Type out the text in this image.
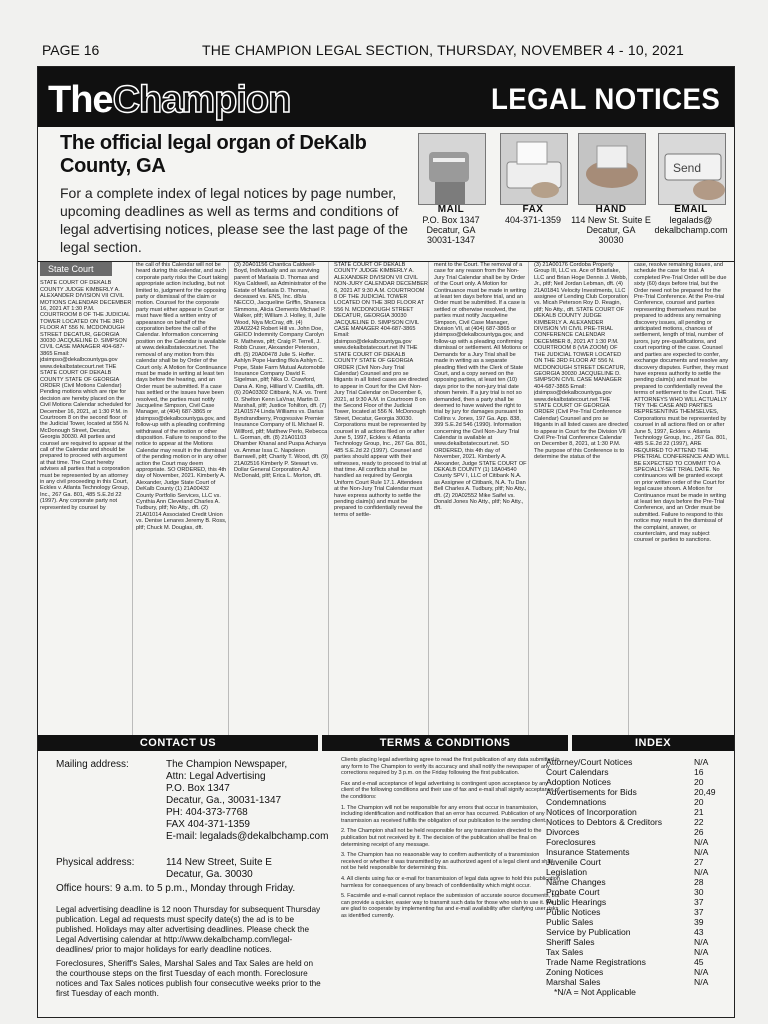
PAGE 16	THE CHAMPION LEGAL SECTION, THURSDAY, NOVEMBER 4 - 10, 2021
TheChampion	LEGAL NOTICES
The official legal organ of DeKalb County, GA

For a complete index of legal notices by page number, upcoming deadlines as well as terms and conditions of legal advertising notices, please see the last page of the legal section.

Send
MAIL
P.O. Box 1347
Decatur, GA
30031-1347
FAX
404-371-1359
HAND
114 New St. Suite E
Decatur, GA
30030
EMAIL
legalads@
dekalbchamp.com
State Court

STATE COURT OF DEKALB COUNTY JUDGE KIMBERLY A. ALEXANDER DIVISION VII CIVIL MOTIONS CALENDAR DECEMBER 16, 2021 AT 1:30 P.M. COURTROOM 8 OF THE JUDICIAL TOWER LOCATED ON THE 3RD FLOOR AT 556 N. MCDONOUGH STREET DECATUR, GEORGIA 30030 JACQUELINE D. SIMPSON CIVIL CASE MANAGER 404-687-3865 Email: jdsimpso@dekalbcountyga.gov www.dekalbstatecourt.net THE STATE COURT OF DEKALB COUNTY STATE OF GEORGIA ORDER (Civil Motions Calendar) Pending motions which are ripe for decision are hereby placed on the Civil Motions Calendar scheduled for December 16, 2021, at 1:30 P.M. in Courtroom 8 on the second floor of the Judicial Tower, located at 556 N. McDonough Street, Decatur, Georgia 30030. All parties and counsel are required to appear at the call of the Calendar and should be prepared to proceed with argument at that time. The Court hereby advises all parties that a corporation must be represented by an attorney in any civil proceeding in this Court, Eckles v. Atlanta Technology Group, Inc., 267 Ga. 801, 485 S.E.2d 22 (1997). Any corporate party not represented by counsel by

the call of this Calendar will not be heard during this calendar, and such corporate party risks the Court taking appropriate action including, but not limited to, judgment for the opposing party or dismissal of the claim or motion. Counsel for the corporate party must either appear in Court or must have filed a written entry of appearance on behalf of the corporation before the call of the Calendar. Information concerning position on the Calendar is available at www.dekalbstatecourt.net. The removal of any motion from this calendar shall be by Order of the Court only. A Motion for Continuance must be made in writing at least ten days before the hearing, and an Order must be submitted. If a case has settled or the issues have been resolved, the parties must notify Jacqueline Simpson, Civil Case Manager, at (404) 687-3865 or jdsimpso@dekalbcountyga.gov, and follow-up with a pleading confirming withdrawal of the motion or other disposition. Failure to respond to the notice to appear at the Motions Calendar may result in the dismissal of the pending motion or in any other action the Court may deem appropriate. SO ORDERED, this 4th day of November, 2021. Kimberly A. Alexander, Judge State Court of DeKalb County (1) 21A00432 County Portfolio Services, LLC vs. Cynthia Ann Cleveland Charles A. Tudbury, pltf; No Atty., dft. (2) 21A01014 Associated Credit Union vs. Denise Lenares Jeremy B. Ross, pltf; Chuck M. Douglas, dft.

(3) 20A01156 Chantica Caldwell-Boyd, Individually and as surviving parent of Marlasia D. Thomas and Kiya Caldwell, as Administrator of the Estate of Marlasia D. Thomas, deceased vs. ENS, Inc. d/b/a NECCO, Jacqueline Griffin, Shaneca Simmons, Alicia Clements Michael P. Walker, pltf; William J. Holley, II, Julie Wood, Niya McCray, dft. (4) 20A02242 Robert Hill vs. John Doe, GEICO Indemnity Company Carolyn R. Mathews, pltf; Craig P. Terrell, J. Robb Cruser, Alexander Peterson, dft. (5) 20A00478 Julie S. Hoffer. Ashlyn Pope Harding f/k/a Ashlyn C. Pope, State Farm Mutual Automobile Insurance Company David F. Sigelman, pltf; Nika O. Crawford, Dana A. King, Hilliard V. Castilla, dft. (6) 20A03302 Citibank, N.A. vs. Trent D. Shelton Kenn LaVnar, Martin D. Marshall, pltf; Justice Tohilton, dft. (7) 21A01574 Linda Williams vs. Darius Byndrandberry, Progressive Premier Insurance Company of IL Michael R. Willford, pltf; Matthew Perlo, Rebecca L. Gorman, dft. (8) 21A01103 Dhamber Khanal and Puspa Acharya vs. Ammar Issa C. Napoleon Barnwell, pltf; Charity T. Wood, dft. (9) 21A02516 Kimberly P. Stewart vs. Dollar General Corporation AJ McDonald, pltf; Erica L. Morton, dft.

STATE COURT OF DEKALB COUNTY JUDGE KIMBERLY A. ALEXANDER DIVISION VII CIVIL NON-JURY CALENDAR DECEMBER 6, 2021 AT 9:30 A.M. COURTROOM 8 OF THE JUDICIAL TOWER LOCATED ON THE 3RD FLOOR AT 556 N. MCDONOUGH STREET DECATUR, GEORGIA 30030 JACQUELINE D. SIMPSON CIVIL CASE MANAGER 404-687-3865 Email: jdsimpso@dekalbcountyga.gov www.dekalbstatecourt.net IN THE STATE COURT OF DEKALB COUNTY STATE OF GEORGIA ORDER (Civil Non-Jury Trial Calendar) Counsel and pro se litigants in all listed cases are directed to appear in Court for the Civil Non-Jury Trial Calendar on December 6, 2021, at 9:30 A.M. in Courtroom 8 on the Second Floor of the Judicial Tower, located at 556 N. McDonough Street, Decatur, Georgia 30030. Corporations must be represented by counsel in all actions filed on or after June 5, 1997, Eckles v. Atlanta Technology Group, Inc., 267 Ga. 801, 485 S.E.2d 22 (1997). Counsel and parties should appear with their witnesses, ready to proceed to trial at that time. All conflicts shall be handled as required by Georgia Uniform Court Rule 17.1. Attendees at the Non-Jury Trial Calendar must have express authority to settle the pending claim(s) and must be prepared to confidentially reveal the terms of settle-

ment to the Court. The removal of a case for any reason from the Non-Jury Trial Calendar shall be by Order of the Court only. A Motion for Continuance must be made in writing at least ten days before trial, and an Order must be submitted. If a case is settled or otherwise resolved, the parties must notify Jacqueline Simpson, Civil Case Manager, Division VII, at (404) 687-3865 or jdsimpso@dekalbcountyga.gov, and follow-up with a pleading confirming dismissal or settlement. All Motions or Demands for a Jury Trial shall be made in writing as a separate pleading filed with the Clerk of State Court, and a copy served on the opposing parties, at least ten (10) days prior to the non-jury trial date shown herein. If a jury trial is not so demanded, then a party shall be deemed to have waived the right to trial by jury for damages pursuant to Collins v. Jones, 197 Ga. App. 838, 399 S.E.2d 546 (1990). Information concerning the Civil Non-Jury Trial Calendar is available at www.dekalbstatecourt.net. SO ORDERED, this 4th day of November, 2021. Kimberly A. Alexander, Judge STATE COURT OF DEKALB COUNTY (1) 18A04540 County SPV I, LLC of Citibank N.A. as Assignee of Citibank, N.A. Tu Dan Bell Charles A. Tudbury, pltf; No Atty., dft. (2) 20A02552 Mike Saifel vs. Donald Jones No Atty., pltf; No Atty., dft.

(3) 21A00176 Cordoba Property Group III, LLC vs. Ace of Briarlake, LLC and Brian Hoge Dennis J. Webb, Jr., pltf; Neil Jordan Lebman, dft. (4) 21A01841 Velocity Investments, LLC assignee of Lending Club Corporation vs. Micah Peterson Roy D. Reagin, pltf; No Atty., dft. STATE COURT OF DEKALB COUNTY JUDGE KIMBERLY A. ALEXANDER DIVISION VII CIVIL PRE-TRIAL CONFERENCE CALENDAR DECEMBER 8, 2021 AT 1:30 P.M. COURTROOM 8 (VIA ZOOM) OF THE JUDICIAL TOWER LOCATED ON THE 3RD FLOOR AT 556 N. MCDONOUGH STREET DECATUR, GEORGIA 30030 JACQUELINE D. SIMPSON CIVIL CASE MANAGER 404-687-3865 Email: jdsimpso@dekalbcountyga.gov www.dekalbstatecourt.net THE STATE COURT OF GEORGIA ORDER (Civil Pre-Trial Conference Calendar) Counsel and pro se litigants in all listed cases are directed to appear in Court for the Division VII Civil Pre-Trial Conference Calendar on December 8, 2021, at 1:30 P.M. The purpose of this Conference is to determine the status of the

case, resolve remaining issues, and schedule the case for trial. A completed Pre-Trial Order will be due sixty (60) days before trial, but the Order need not be prepared for the Pre-Trial Conference. At the Pre-trial Conference, counsel and parties representing themselves must be prepared to address any remaining discovery issues, all pending or anticipated motions, chances of settlement, length of trial, number of jurors, jury pre-qualifications, and court reporting of the case. Counsel and parties are expected to confer, exchange documents and resolve any discovery disputes. Further, they must have express authority to settle the pending claim(s) and must be prepared to confidentially reveal the terms of settlement to the Court. THE ATTORNEYS WHO WILL ACTUALLY TRY THE CASE AND PARTIES REPRESENTING THEMSELVES, Corporations must be represented by counsel in all actions filed on or after June 5, 1997, Eckles v. Atlanta Technology Group, Inc., 267 Ga. 801, 485 S.E.2d 22 (1997), ARE REQUIRED TO ATTEND THE PRETRIAL CONFERENCE AND WILL BE EXPECTED TO COMMIT TO A SPECIALLY-SET TRIAL DATE. No continuances will be granted except on prior written order of the Court for legal cause shown. A Motion for Continuance must be made in writing at least ten days before the Pre-Trial Conference, and an Order must be submitted. Failure to respond to this notice may result in the dismissal of the complaint, answer, or counterclaim, and may subject counsel or parties to sanctions.

CONTACT US	TERMS & CONDITIONS	INDEX
Mailing address:	The Champion Newspaper,
Attn: Legal Advertising
P.O. Box 1347
Decatur, Ga., 30031-1347
PH: 404-373-7768
FAX 404-371-1359
E-mail: legalads@dekalbchamp.com
Physical address:	114 New Street, Suite E
Decatur, Ga. 30030
Office hours: 9 a.m. to 5 p.m., Monday through Friday.
Legal advertising deadline is 12 noon Thursday for subsequent Thursday publication. Legal ad requests must specify date(s) the ad is to be published. Holidays may alter advertising deadlines. Please check the Legal Advertising calendar at http://www.dekalbchamp.com/legal-deadlines/ prior to major holidays for early deadline notices.
Foreclosures, Sheriff's Sales, Marshal Sales and Tax Sales are held on the courthouse steps on the first Tuesday of each month. Foreclosure notices and Tax Sales notices publish four consecutive weeks prior to the first Tuesday of each month.

Clients placing legal advertising agree to read the first publication of any data submitted in any form to The Champion to verify its accuracy and shall notify the newspaper of any corrections required by 3 p.m. on the Friday following the first publication.

Fax and e-mail acceptance of legal advertising is contingent upon acceptance by any client of the following conditions and their use of fax and e-mail shall signify acceptance of the conditions:

1. The Champion will not be responsible for any errors that occur in transmission, including identification and notification that an error has occurred. Publication of any transmission as received fulfills the obligation of our publication to the sending client.

2. The Champion shall not be held responsible for any transmission directed to the publication but not received by it. The decision of the publication shall be final on determining receipt of any message.

3. The Champion has no reasonable way to confirm authenticity of a transmission received or whether it was transmitted by an authorized agent of a legal client and shall not be held responsible for determining this.

4. All clients using fax or e-mail for transmission of legal data agree to hold this publication harmless for consequences of any breach of confidentiality which might occur.

5. Facsimile and e-mail cannot replace the submission of accurate source documents, but can provide a quicker, easier way to transmit such data for those who wish to use it. We are glad to cooperate by implementing fax and e-mail availability after clarifying user risks as identified currently.

Attorney/Court Notices	N/A
Court Calendars	16
Adoption Notices	20
Advertisements for Bids	20,49
Condemnations	20
Notices of Incorporation	21
Notices to Debtors & Creditors	22
Divorces	26
Foreclosures	N/A
Insurance Statements	N/A
Juvenile Court	27
Legislation	N/A
Name Changes	28
Probate Court	30
Public Hearings	37
Public Notices	37
Public Sales	39
Service by Publication	43
Sheriff Sales	N/A
Tax Sales	N/A
Trade Name Registrations	45
Zoning Notices	N/A
Marshal Sales	N/A
*N/A = Not Applicable
